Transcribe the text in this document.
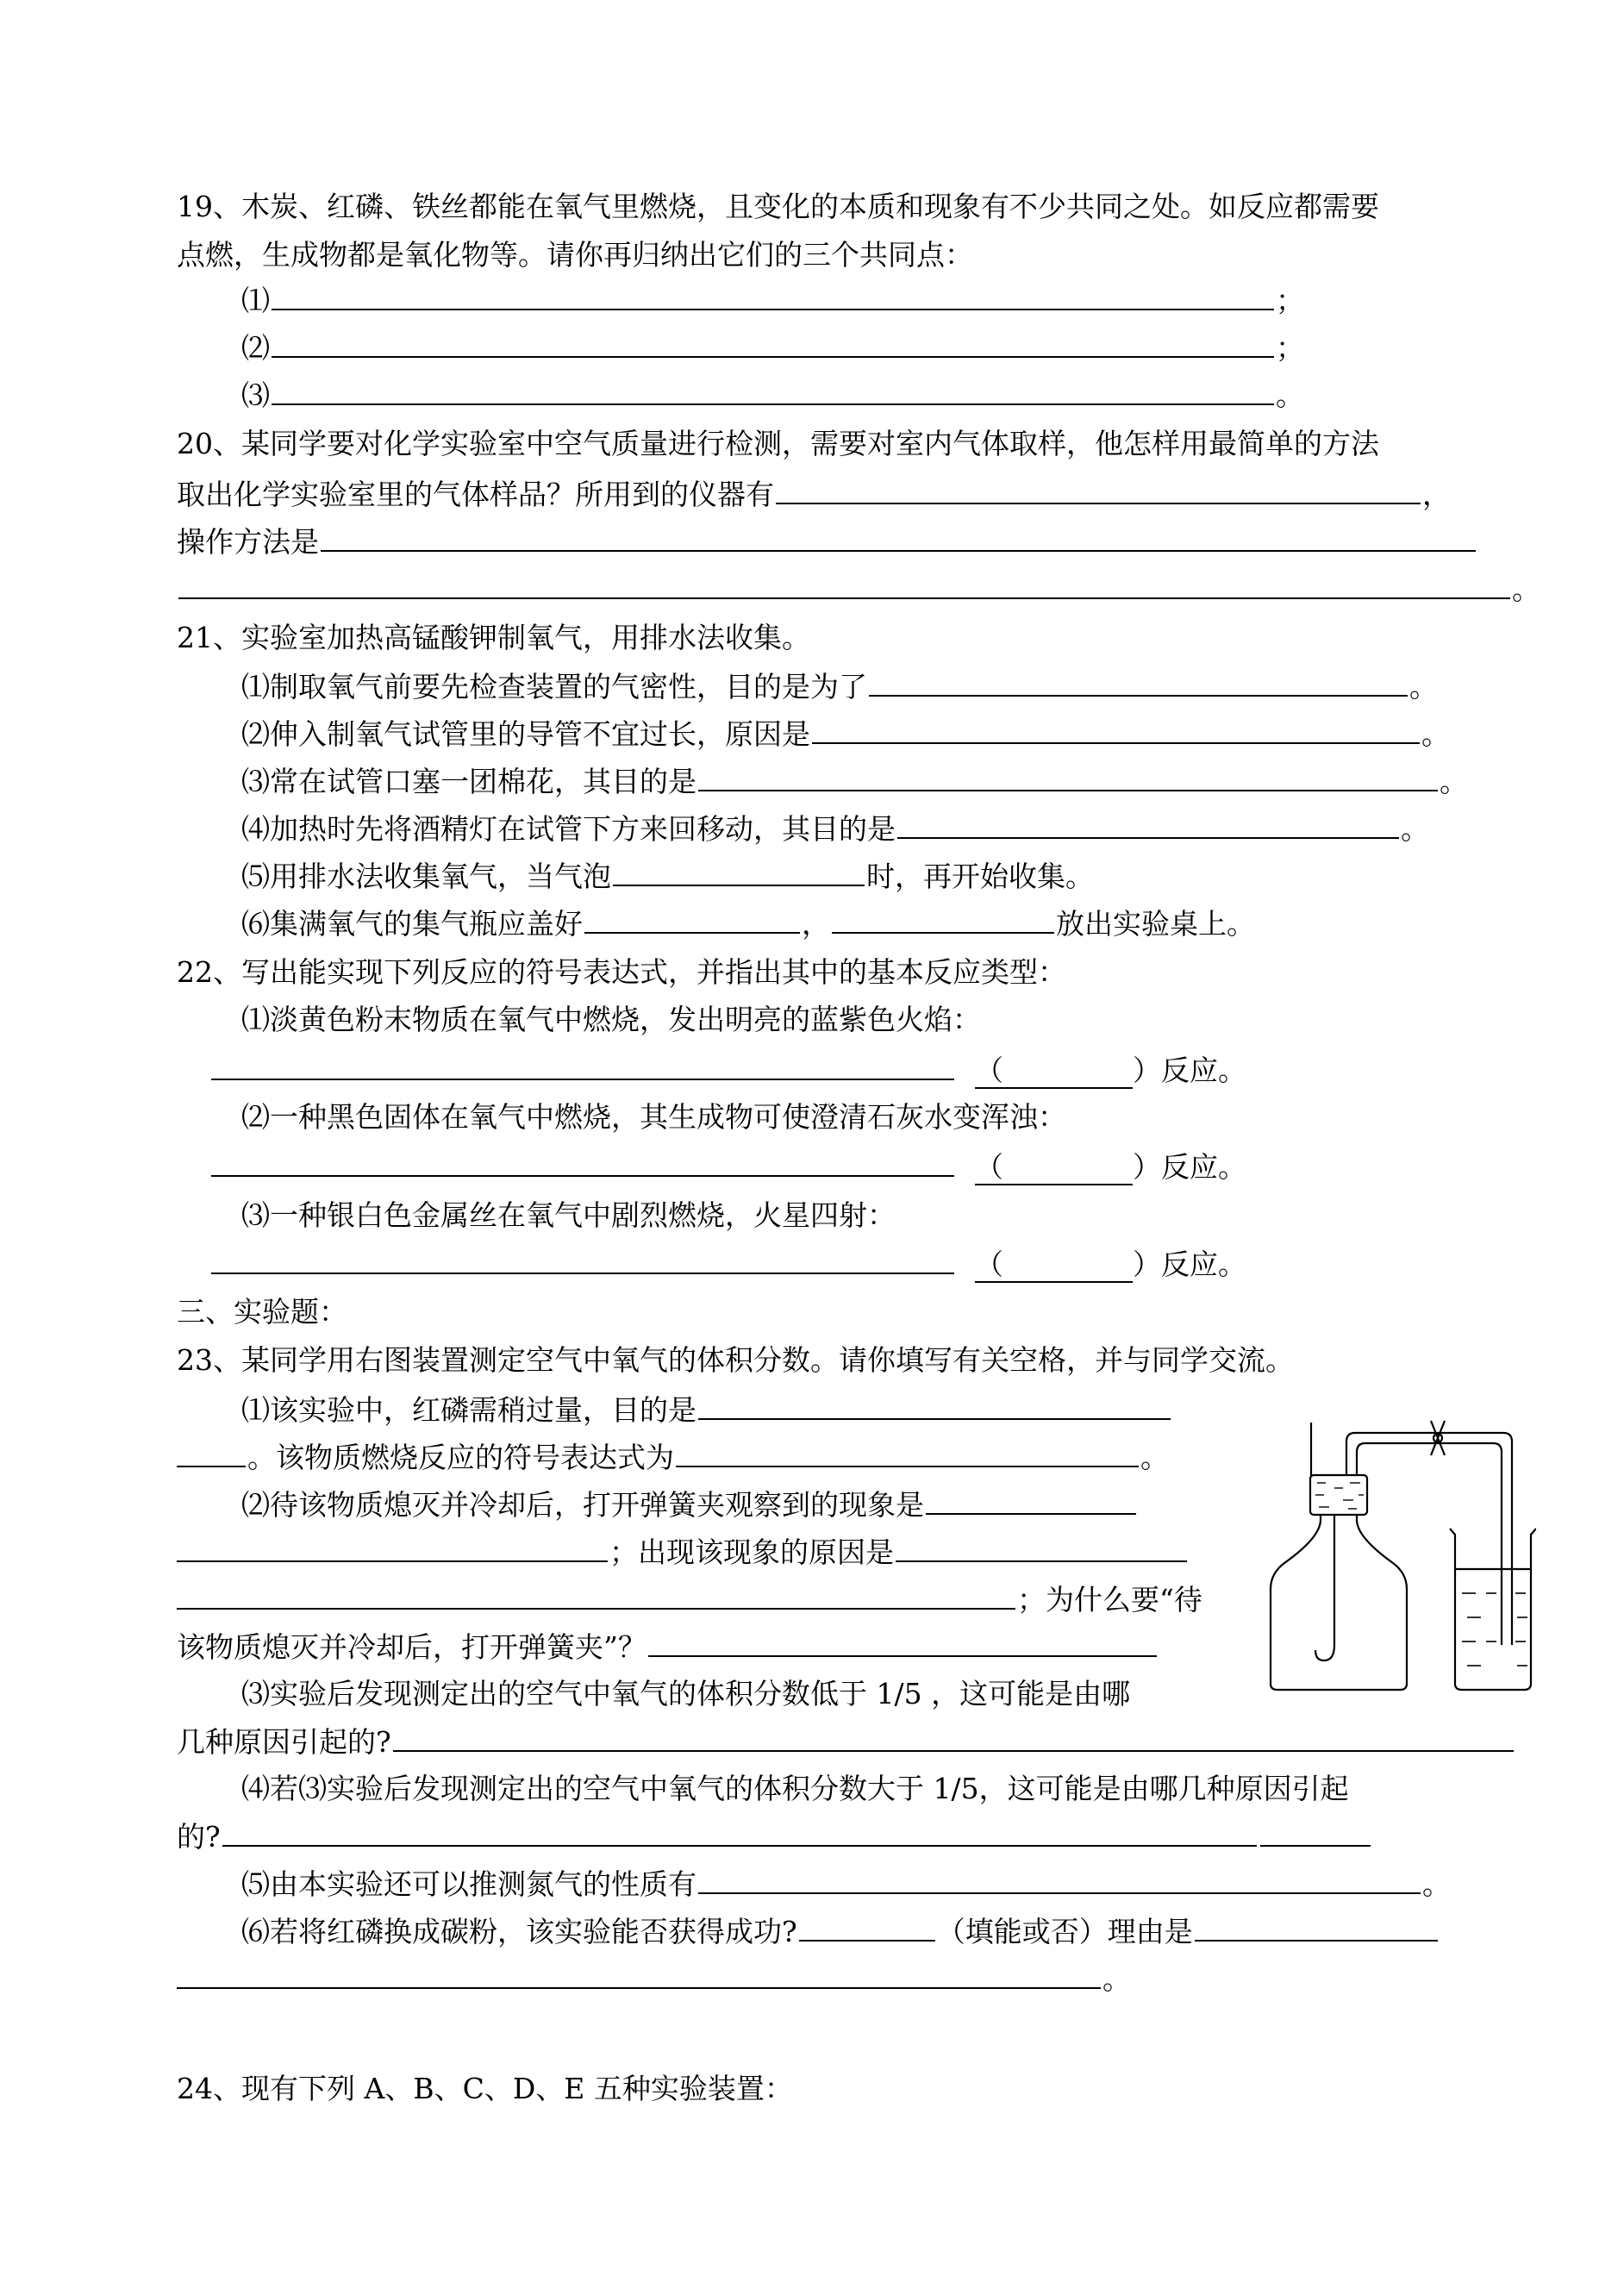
19、木炭、红磷、铁丝都能在氧气里燃烧，且变化的本质和现象有不少共同之处。如反应都需要
点燃，生成物都是氧化物等。请你再归纳出它们的三个共同点：
⑴	；
⑵	；
⑶	。
20、某同学要对化学实验室中空气质量进行检测，需要对室内气体取样，他怎样用最简单的方法
取出化学实验室里的气体样品？所用到的仪器有	，
操作方法是
。
21、实验室加热高锰酸钾制氧气，用排水法收集。
⑴制取氧气前要先检查装置的气密性，目的是为了	。
⑵伸入制氧气试管里的导管不宜过长，原因是	。
⑶常在试管口塞一团棉花，其目的是	。
⑷加热时先将酒精灯在试管下方来回移动，其目的是	。
⑸用排水法收集氧气，当气泡	时，再开始收集。
⑹集满氧气的集气瓶应盖好	，	放出实验桌上。
22、写出能实现下列反应的符号表达式，并指出其中的基本反应类型：
⑴淡黄色粉末物质在氧气中燃烧，发出明亮的蓝紫色火焰：
（	）反应。
⑵一种黑色固体在氧气中燃烧，其生成物可使澄清石灰水变浑浊：
（	）反应。
⑶一种银白色金属丝在氧气中剧烈燃烧，火星四射：
（	）反应。
三、实验题：
23、某同学用右图装置测定空气中氧气的体积分数。请你填写有关空格，并与同学交流。
⑴该实验中，红磷需稍过量，目的是
。该物质燃烧反应的符号表达式为	。
⑵待该物质熄灭并冷却后，打开弹簧夹观察到的现象是
；出现该现象的原因是
；为什么要“待
该物质熄灭并冷却后，打开弹簧夹”？
⑶实验后发现测定出的空气中氧气的体积分数低于 1/5 ，这可能是由哪
几种原因引起的?
⑷若⑶实验后发现测定出的空气中氧气的体积分数大于 1/5，这可能是由哪几种原因引起
的?
⑸由本实验还可以推测氮气的性质有	。
⑹若将红磷换成碳粉，该实验能否获得成功?	（填能或否）理由是
。
24、现有下列 A、B、C、D、E 五种实验装置：
